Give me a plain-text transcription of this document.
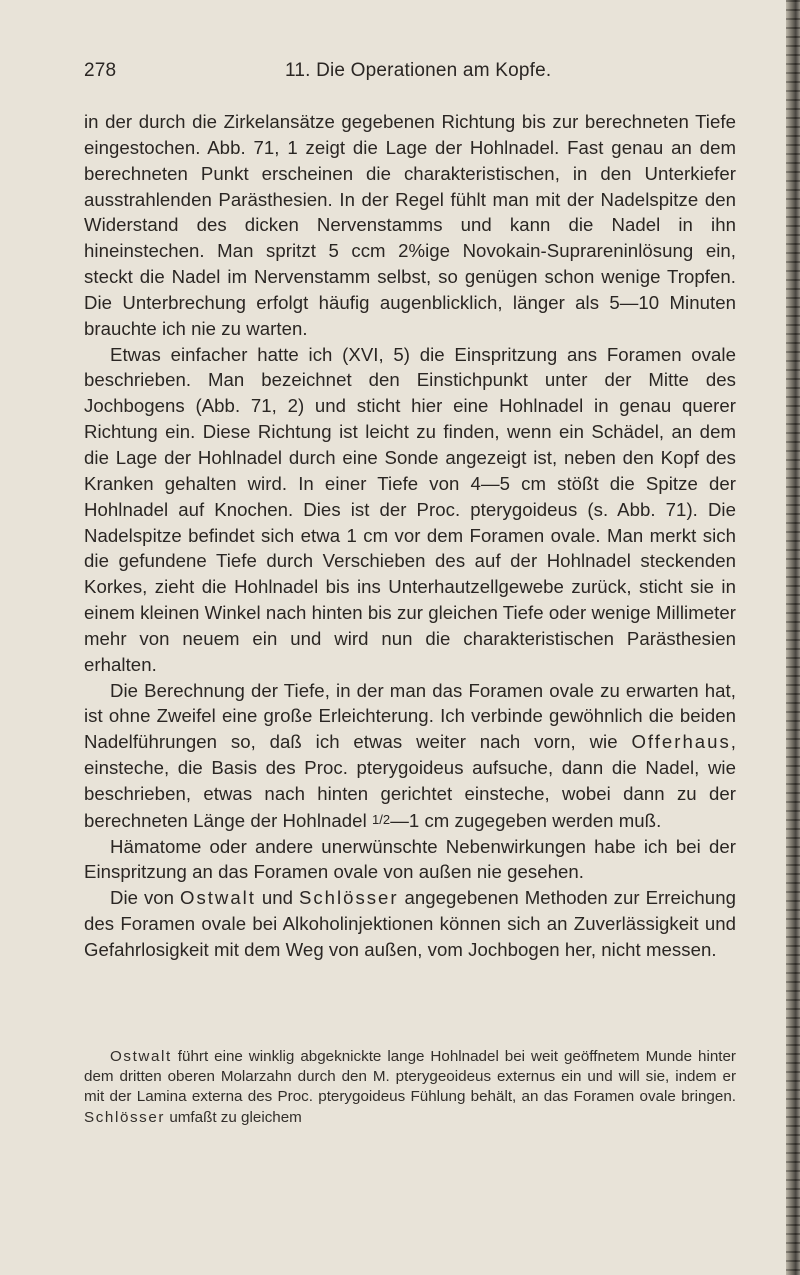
278	11. Die Operationen am Kopfe.

in der durch die Zirkelansätze gegebenen Richtung bis zur berechneten Tiefe eingestochen. Abb. 71, 1 zeigt die Lage der Hohlnadel. Fast genau an dem berechneten Punkt erscheinen die charakteristischen, in den Unterkiefer ausstrahlenden Parästhesien. In der Regel fühlt man mit der Nadelspitze den Widerstand des dicken Nervenstamms und kann die Nadel in ihn hineinstechen. Man spritzt 5 ccm 2%ige Novokain-Suprareninlösung ein, steckt die Nadel im Nervenstamm selbst, so genügen schon wenige Tropfen. Die Unterbrechung erfolgt häufig augenblicklich, länger als 5—10 Minuten brauchte ich nie zu warten.

Etwas einfacher hatte ich (XVI, 5) die Einspritzung ans Foramen ovale beschrieben. Man bezeichnet den Einstichpunkt unter der Mitte des Jochbogens (Abb. 71, 2) und sticht hier eine Hohlnadel in genau querer Richtung ein. Diese Richtung ist leicht zu finden, wenn ein Schädel, an dem die Lage der Hohlnadel durch eine Sonde angezeigt ist, neben den Kopf des Kranken gehalten wird. In einer Tiefe von 4—5 cm stößt die Spitze der Hohlnadel auf Knochen. Dies ist der Proc. pterygoideus (s. Abb. 71). Die Nadelspitze befindet sich etwa 1 cm vor dem Foramen ovale. Man merkt sich die gefundene Tiefe durch Verschieben des auf der Hohlnadel steckenden Korkes, zieht die Hohlnadel bis ins Unterhautzellgewebe zurück, sticht sie in einem kleinen Winkel nach hinten bis zur gleichen Tiefe oder wenige Millimeter mehr von neuem ein und wird nun die charakteristischen Parästhesien erhalten.

Die Berechnung der Tiefe, in der man das Foramen ovale zu erwarten hat, ist ohne Zweifel eine große Erleichterung. Ich verbinde gewöhnlich die beiden Nadelführungen so, daß ich etwas weiter nach vorn, wie Offerhaus, einsteche, die Basis des Proc. pterygoideus aufsuche, dann die Nadel, wie beschrieben, etwas nach hinten gerichtet einsteche, wobei dann zu der berechneten Länge der Hohlnadel 1/2—1 cm zugegeben werden muß.

Hämatome oder andere unerwünschte Nebenwirkungen habe ich bei der Einspritzung an das Foramen ovale von außen nie gesehen.

Die von Ostwalt und Schlösser angegebenen Methoden zur Erreichung des Foramen ovale bei Alkoholinjektionen können sich an Zuverlässigkeit und Gefahrlosigkeit mit dem Weg von außen, vom Jochbogen her, nicht messen.

Ostwalt führt eine winklig abgeknickte lange Hohlnadel bei weit geöffnetem Munde hinter dem dritten oberen Molarzahn durch den M. pterygeoideus externus ein und will sie, indem er mit der Lamina externa des Proc. pterygoideus Fühlung behält, an das Foramen ovale bringen. Schlösser umfaßt zu gleichem
